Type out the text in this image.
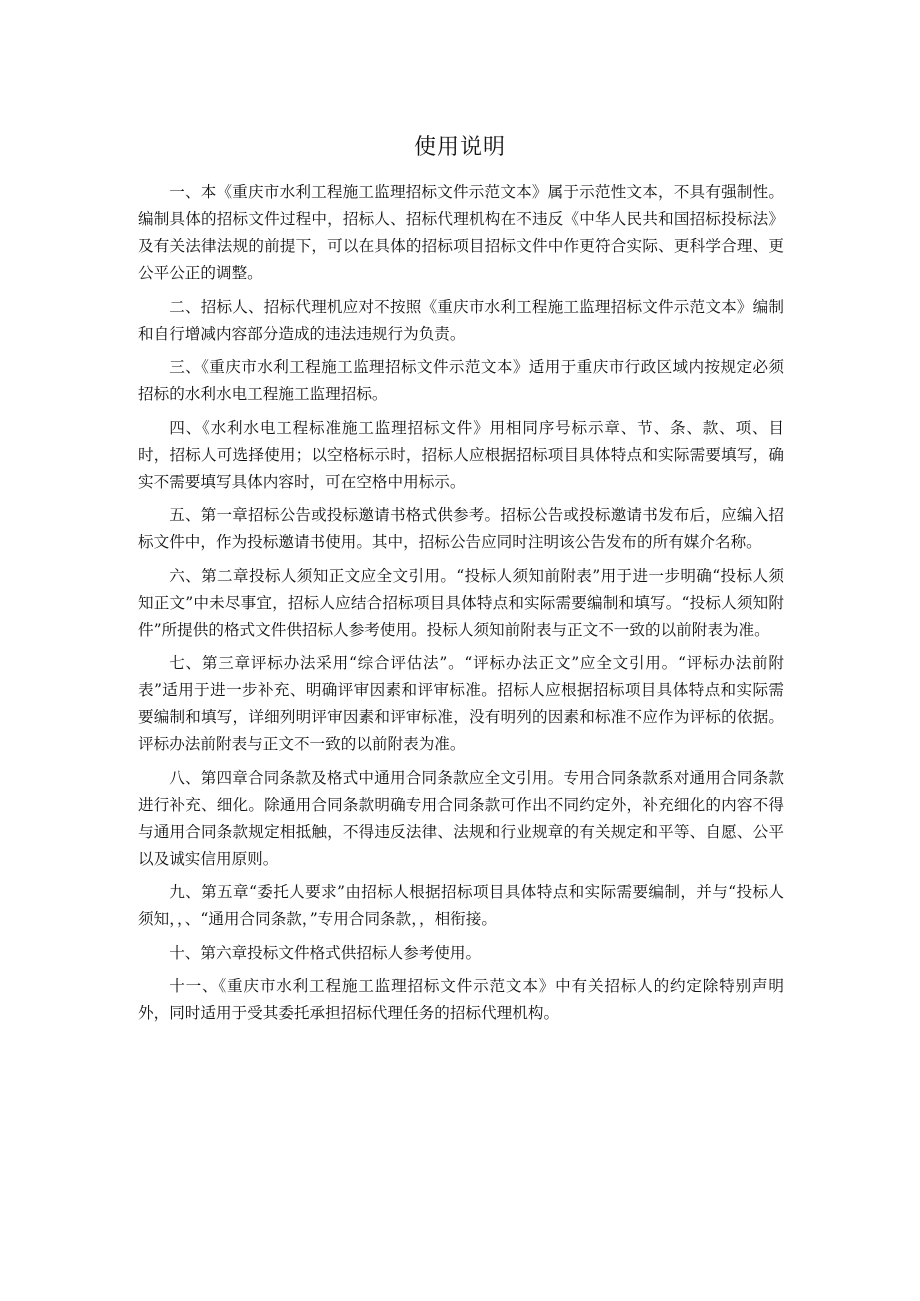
使用说明

一、本《重庆市水利工程施工监理招标文件示范文本》属于示范性文本，不具有强制性。编制具体的招标文件过程中，招标人、招标代理机构在不违反《中华人民共和国招标投标法》及有关法律法规的前提下，可以在具体的招标项目招标文件中作更符合实际、更科学合理、更公平公正的调整。

二、招标人、招标代理机应对不按照《重庆市水利工程施工监理招标文件示范文本》编制和自行增减内容部分造成的违法违规行为负责。

三、《重庆市水利工程施工监理招标文件示范文本》适用于重庆市行政区域内按规定必须招标的水利水电工程施工监理招标。

四、《水利水电工程标准施工监理招标文件》用相同序号标示章、节、条、款、项、目时，招标人可选择使用；以空格标示时，招标人应根据招标项目具体特点和实际需要填写，确实不需要填写具体内容时，可在空格中用标示。

五、第一章招标公告或投标邀请书格式供参考。招标公告或投标邀请书发布后，应编入招标文件中，作为投标邀请书使用。其中，招标公告应同时注明该公告发布的所有媒介名称。

六、第二章投标人须知正文应全文引用。“投标人须知前附表”用于进一步明确“投标人须知正文”中未尽事宜，招标人应结合招标项目具体特点和实际需要编制和填写。“投标人须知附件”所提供的格式文件供招标人参考使用。投标人须知前附表与正文不一致的以前附表为准。

七、第三章评标办法采用“综合评估法”。“评标办法正文”应全文引用。“评标办法前附表”适用于进一步补充、明确评审因素和评审标准。招标人应根据招标项目具体特点和实际需要编制和填写，详细列明评审因素和评审标准，没有明列的因素和标准不应作为评标的依据。评标办法前附表与正文不一致的以前附表为准。

八、第四章合同条款及格式中通用合同条款应全文引用。专用合同条款系对通用合同条款进行补充、细化。除通用合同条款明确专用合同条款可作出不同约定外，补充细化的内容不得与通用合同条款规定相抵触，不得违反法律、法规和行业规章的有关规定和平等、自愿、公平以及诚实信用原则。

九、第五章“委托人要求”由招标人根据招标项目具体特点和实际需要编制，并与“投标人须知，，、“通用合同条款，”专用合同条款，，相衔接。

十、第六章投标文件格式供招标人参考使用。

十一、《重庆市水利工程施工监理招标文件示范文本》中有关招标人的约定除特别声明外，同时适用于受其委托承担招标代理任务的招标代理机构。
